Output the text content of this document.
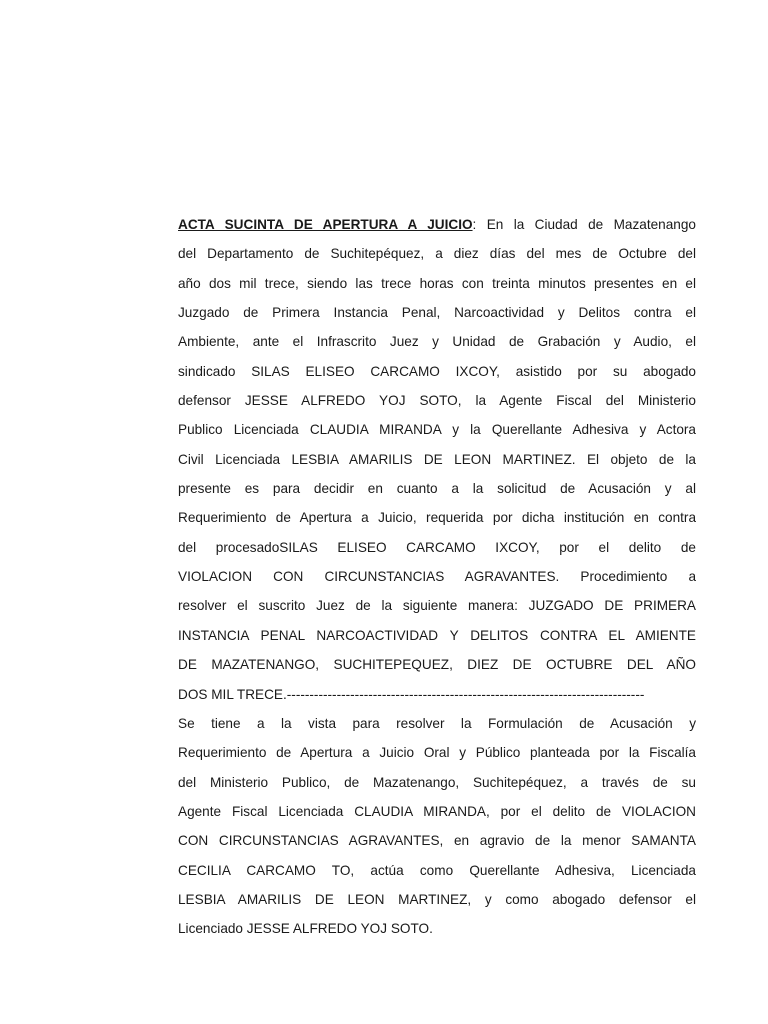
ACTA SUCINTA DE APERTURA A JUICIO: En la Ciudad de Mazatenango
del Departamento de Suchitepéquez, a diez días del mes de Octubre del
año dos mil trece, siendo las trece horas con treinta minutos presentes en el
Juzgado de Primera Instancia Penal, Narcoactividad y Delitos contra el
Ambiente, ante el Infrascrito Juez y Unidad de Grabación y Audio, el
sindicado SILAS ELISEO CARCAMO IXCOY, asistido por su abogado
defensor JESSE ALFREDO YOJ SOTO, la Agente Fiscal del Ministerio
Publico Licenciada CLAUDIA MIRANDA y la Querellante Adhesiva y Actora
Civil Licenciada LESBIA AMARILIS DE LEON MARTINEZ. El objeto de la
presente es para decidir en cuanto a la solicitud de Acusación y al
Requerimiento de Apertura a Juicio, requerida por dicha institución en contra
del procesadoSILAS ELISEO CARCAMO IXCOY, por el delito de
VIOLACION CON CIRCUNSTANCIAS AGRAVANTES. Procedimiento a
resolver el suscrito Juez de la siguiente manera: JUZGADO DE PRIMERA
INSTANCIA PENAL NARCOACTIVIDAD Y DELITOS CONTRA EL AMIENTE
DE MAZATENANGO, SUCHITEPEQUEZ, DIEZ DE OCTUBRE DEL AÑO
DOS MIL TRECE.-------------------------------------------------------------------------------
Se tiene a la vista para resolver la Formulación de Acusación y
Requerimiento de Apertura a Juicio Oral y Público planteada por la Fiscalía
del Ministerio Publico, de Mazatenango, Suchitepéquez, a través de su
Agente Fiscal Licenciada CLAUDIA MIRANDA, por el delito de VIOLACION
CON CIRCUNSTANCIAS AGRAVANTES, en agravio de la menor SAMANTA
CECILIA CARCAMO TO, actúa como Querellante Adhesiva, Licenciada
LESBIA AMARILIS DE LEON MARTINEZ, y como abogado defensor el
Licenciado JESSE ALFREDO YOJ SOTO.
